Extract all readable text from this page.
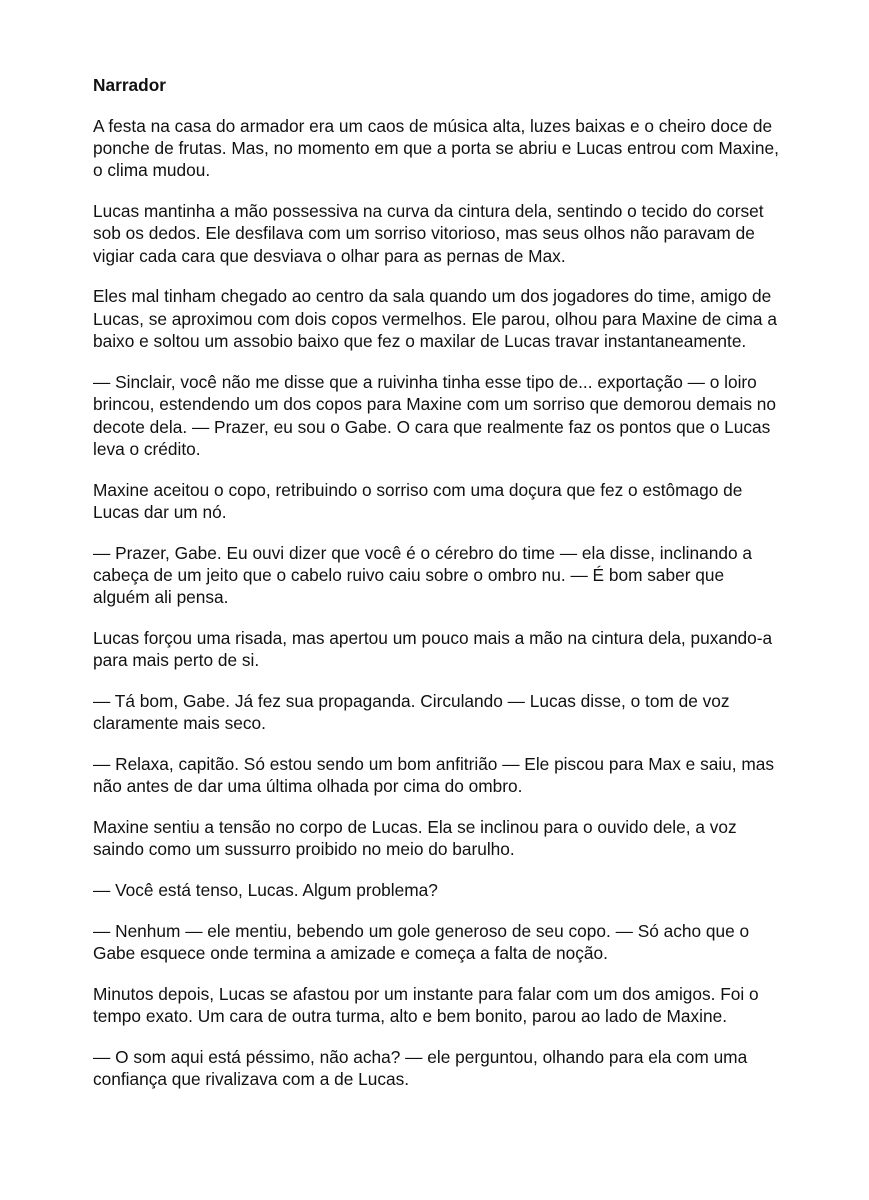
Narrador
A festa na casa do armador era um caos de música alta, luzes baixas e o cheiro doce de ponche de frutas. Mas, no momento em que a porta se abriu e Lucas entrou com Maxine, o clima mudou.
Lucas mantinha a mão possessiva na curva da cintura dela, sentindo o tecido do corset sob os dedos. Ele desfilava com um sorriso vitorioso, mas seus olhos não paravam de vigiar cada cara que desviava o olhar para as pernas de Max.
Eles mal tinham chegado ao centro da sala quando um dos jogadores do time, amigo de Lucas, se aproximou com dois copos vermelhos. Ele parou, olhou para Maxine de cima a baixo e soltou um assobio baixo que fez o maxilar de Lucas travar instantaneamente.
— Sinclair, você não me disse que a ruivinha tinha esse tipo de... exportação — o loiro brincou, estendendo um dos copos para Maxine com um sorriso que demorou demais no decote dela. — Prazer, eu sou o Gabe. O cara que realmente faz os pontos que o Lucas leva o crédito.
Maxine aceitou o copo, retribuindo o sorriso com uma doçura que fez o estômago de Lucas dar um nó.
— Prazer, Gabe. Eu ouvi dizer que você é o cérebro do time — ela disse, inclinando a cabeça de um jeito que o cabelo ruivo caiu sobre o ombro nu. — É bom saber que alguém ali pensa.
Lucas forçou uma risada, mas apertou um pouco mais a mão na cintura dela, puxando-a para mais perto de si.
— Tá bom, Gabe. Já fez sua propaganda. Circulando — Lucas disse, o tom de voz claramente mais seco.
— Relaxa, capitão. Só estou sendo um bom anfitrião — Ele piscou para Max e saiu, mas não antes de dar uma última olhada por cima do ombro.
Maxine sentiu a tensão no corpo de Lucas. Ela se inclinou para o ouvido dele, a voz saindo como um sussurro proibido no meio do barulho.
— Você está tenso, Lucas. Algum problema?
— Nenhum — ele mentiu, bebendo um gole generoso de seu copo. — Só acho que o Gabe esquece onde termina a amizade e começa a falta de noção.
Minutos depois, Lucas se afastou por um instante para falar com um dos amigos. Foi o tempo exato. Um cara de outra turma, alto e bem bonito, parou ao lado de Maxine.
— O som aqui está péssimo, não acha? — ele perguntou, olhando para ela com uma confiança que rivalizava com a de Lucas.
